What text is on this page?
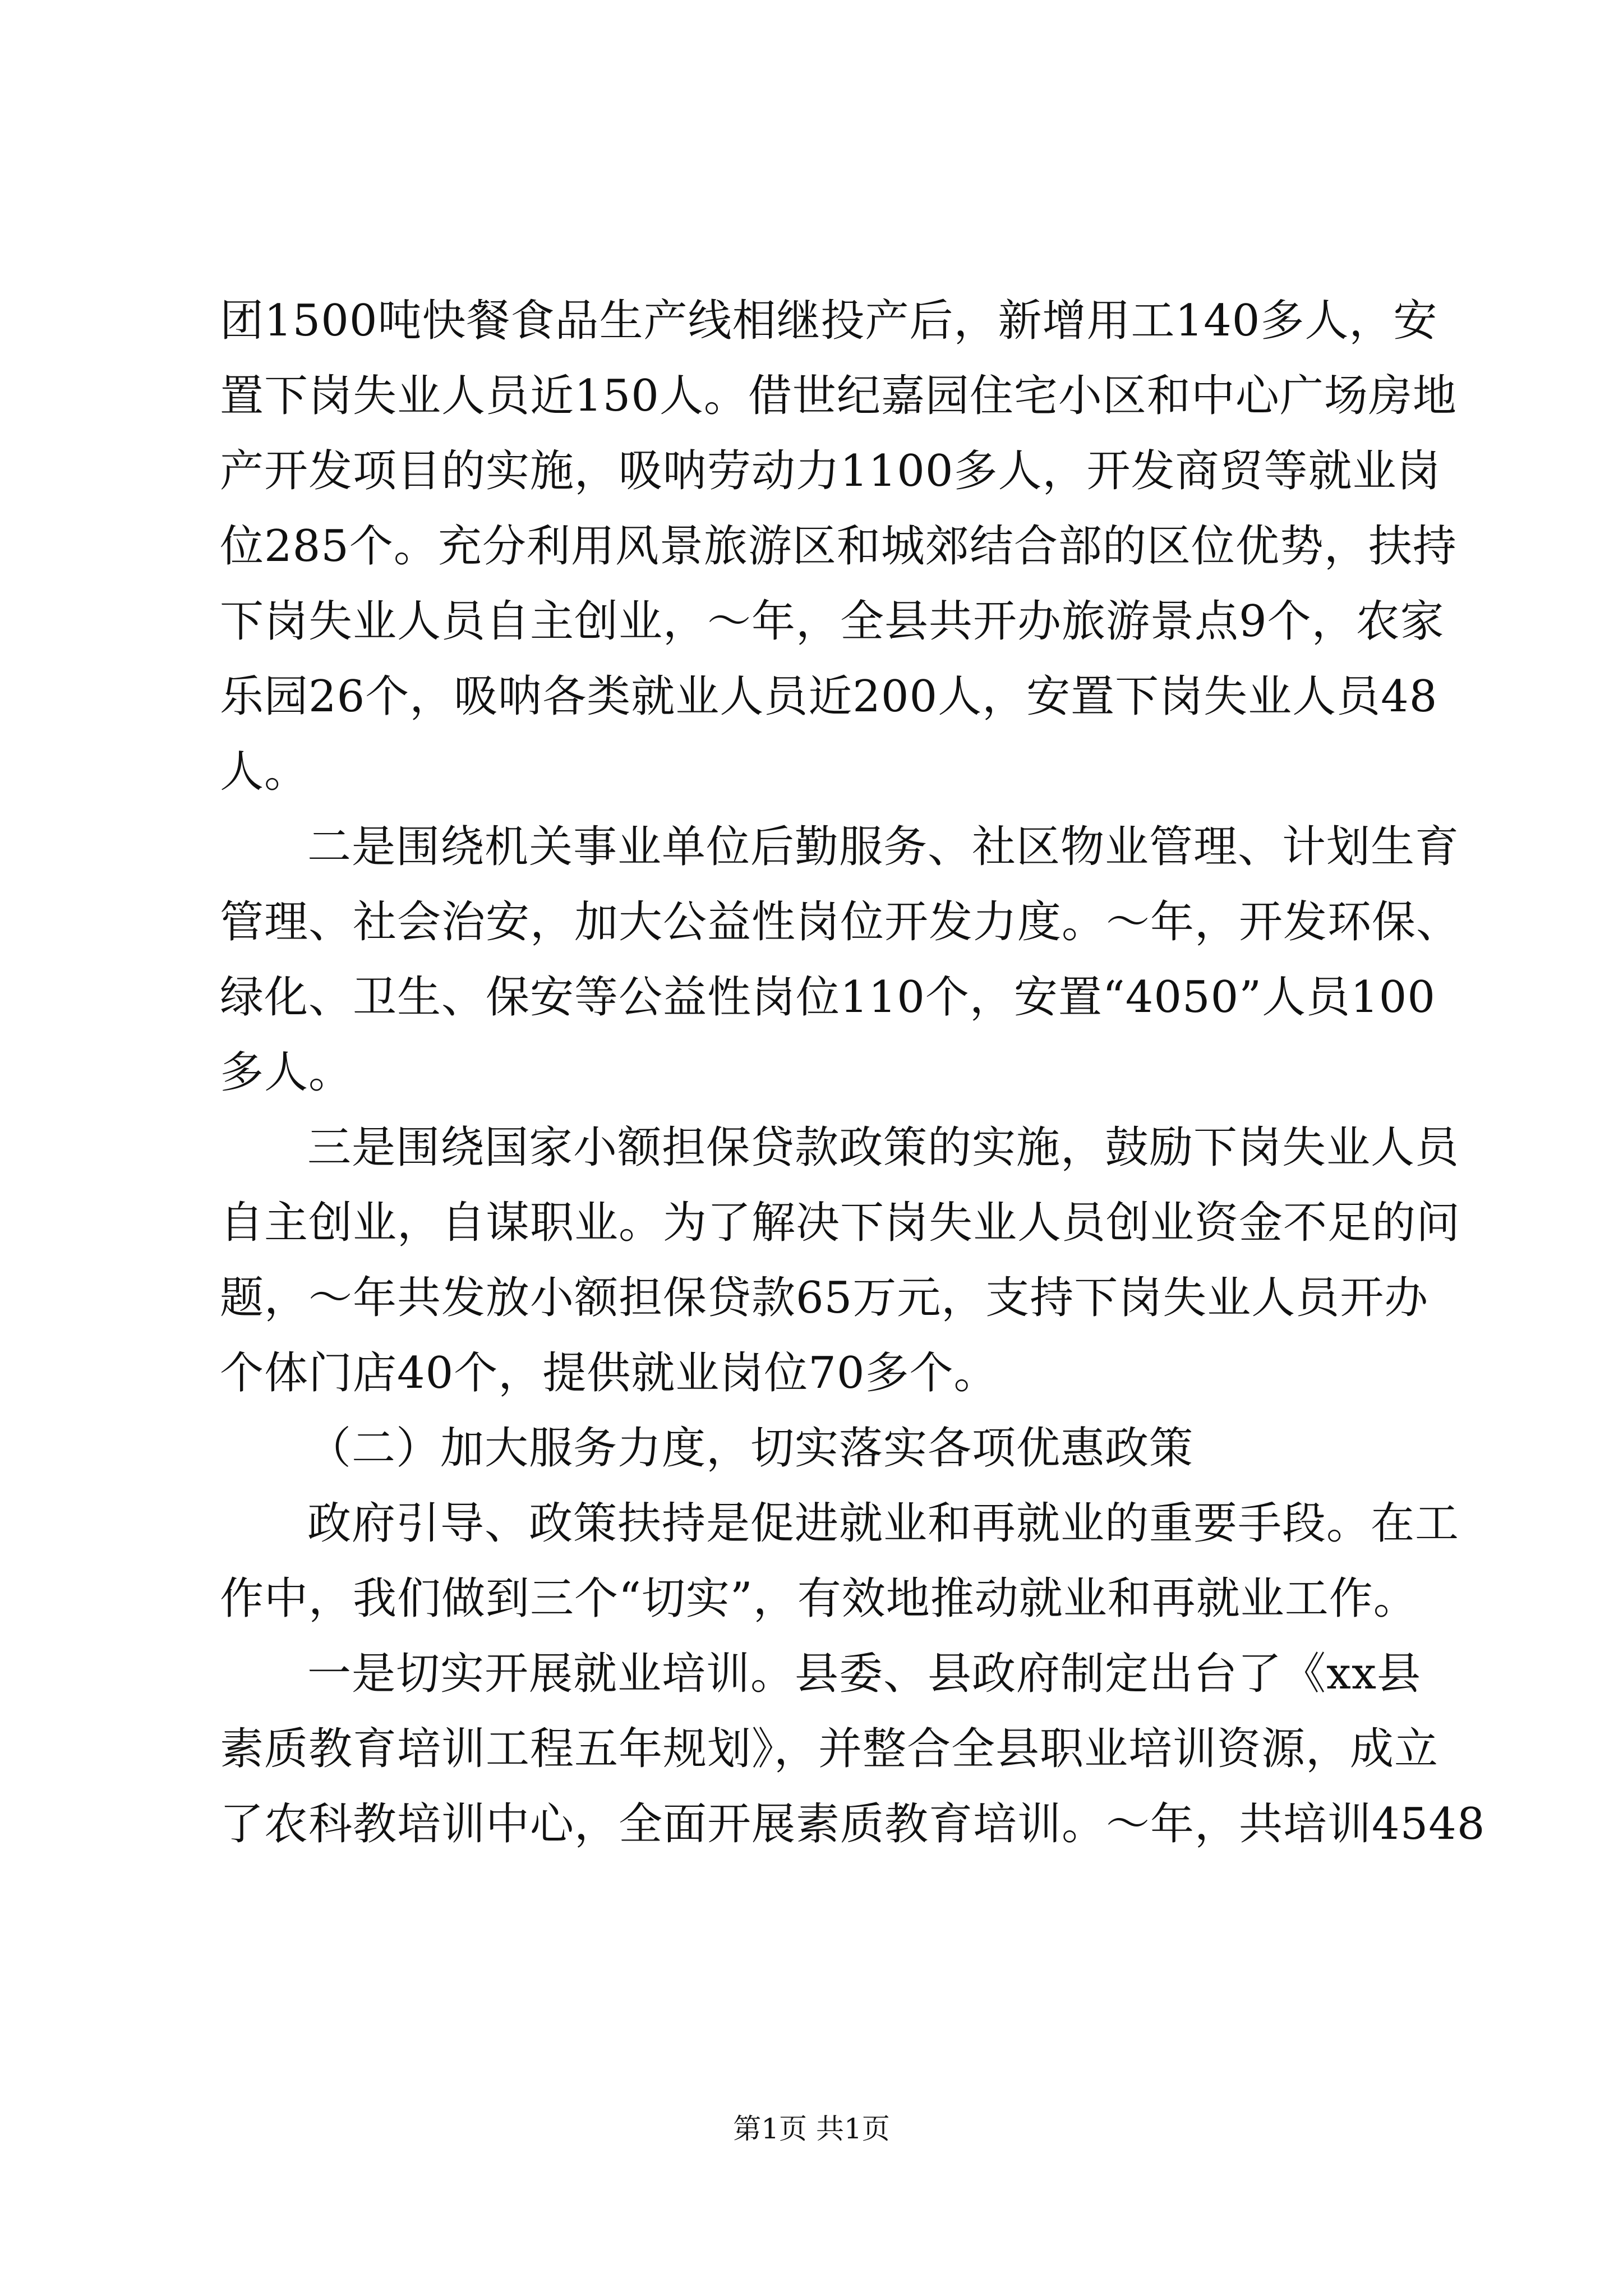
团1500吨快餐食品生产线相继投产后，新增用工140多人，安
置下岗失业人员近150人。借世纪嘉园住宅小区和中心广场房地
产开发项目的实施，吸呐劳动力1100多人，开发商贸等就业岗
位285个。充分利用风景旅游区和城郊结合部的区位优势，扶持
下岗失业人员自主创业，～年，全县共开办旅游景点9个，农家
乐园26个，吸呐各类就业人员近200人，安置下岗失业人员48
人。
二是围绕机关事业单位后勤服务、社区物业管理、计划生育
管理、社会治安，加大公益性岗位开发力度。～年，开发环保、
绿化、卫生、保安等公益性岗位110个，安置“4050”人员100
多人。
三是围绕国家小额担保贷款政策的实施，鼓励下岗失业人员
自主创业，自谋职业。为了解决下岗失业人员创业资金不足的问
题，～年共发放小额担保贷款65万元，支持下岗失业人员开办
个体门店40个，提供就业岗位70多个。
（二）加大服务力度，切实落实各项优惠政策
政府引导、政策扶持是促进就业和再就业的重要手段。在工
作中，我们做到三个“切实”，有效地推动就业和再就业工作。
一是切实开展就业培训。县委、县政府制定出台了《xx县
素质教育培训工程五年规划》，并整合全县职业培训资源，成立
了农科教培训中心，全面开展素质教育培训。～年，共培训4548
第1页 共1页
